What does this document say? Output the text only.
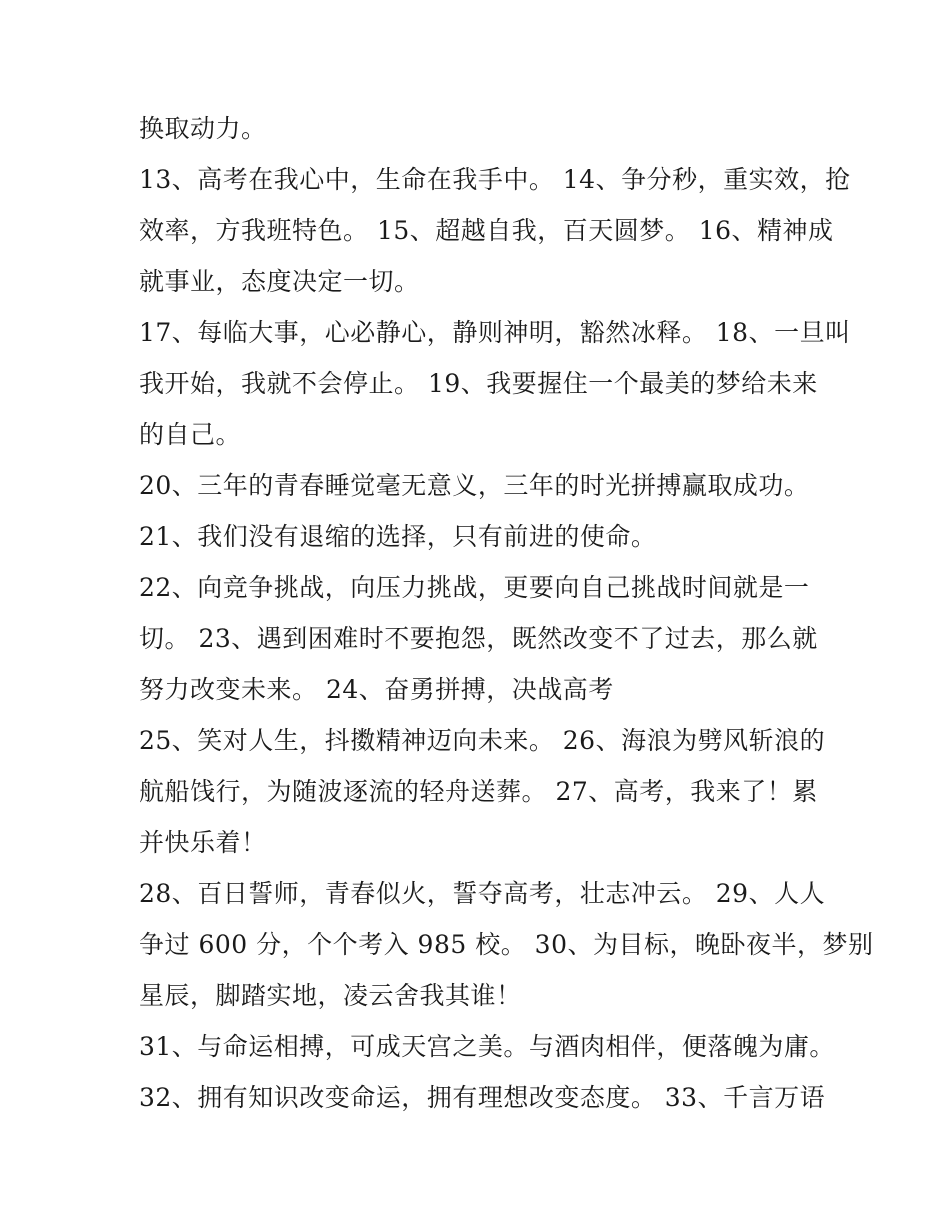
换取动力。

13、高考在我心中，生命在我手中。 14、争分秒，重实效，抢

效率，方我班特色。 15、超越自我，百天圆梦。 16、精神成

就事业，态度决定一切。

17、每临大事，心必静心，静则神明，豁然冰释。 18、一旦叫

我开始，我就不会停止。 19、我要握住一个最美的梦给未来

的自己。

20、三年的青春睡觉毫无意义，三年的时光拼搏赢取成功。

21、我们没有退缩的选择，只有前进的使命。

22、向竞争挑战，向压力挑战，更要向自己挑战时间就是一

切。 23、遇到困难时不要抱怨，既然改变不了过去，那么就

努力改变未来。 24、奋勇拼搏，决战高考

25、笑对人生，抖擞精神迈向未来。 26、海浪为劈风斩浪的

航船饯行，为随波逐流的轻舟送葬。 27、高考，我来了！累

并快乐着！

28、百日誓师，青春似火，誓夺高考，壮志冲云。 29、人人

争过 600 分，个个考入 985 校。 30、为目标，晚卧夜半，梦别

星辰，脚踏实地，凌云舍我其谁！

31、与命运相搏，可成天宫之美。与酒肉相伴，便落魄为庸。

32、拥有知识改变命运，拥有理想改变态度。 33、千言万语
